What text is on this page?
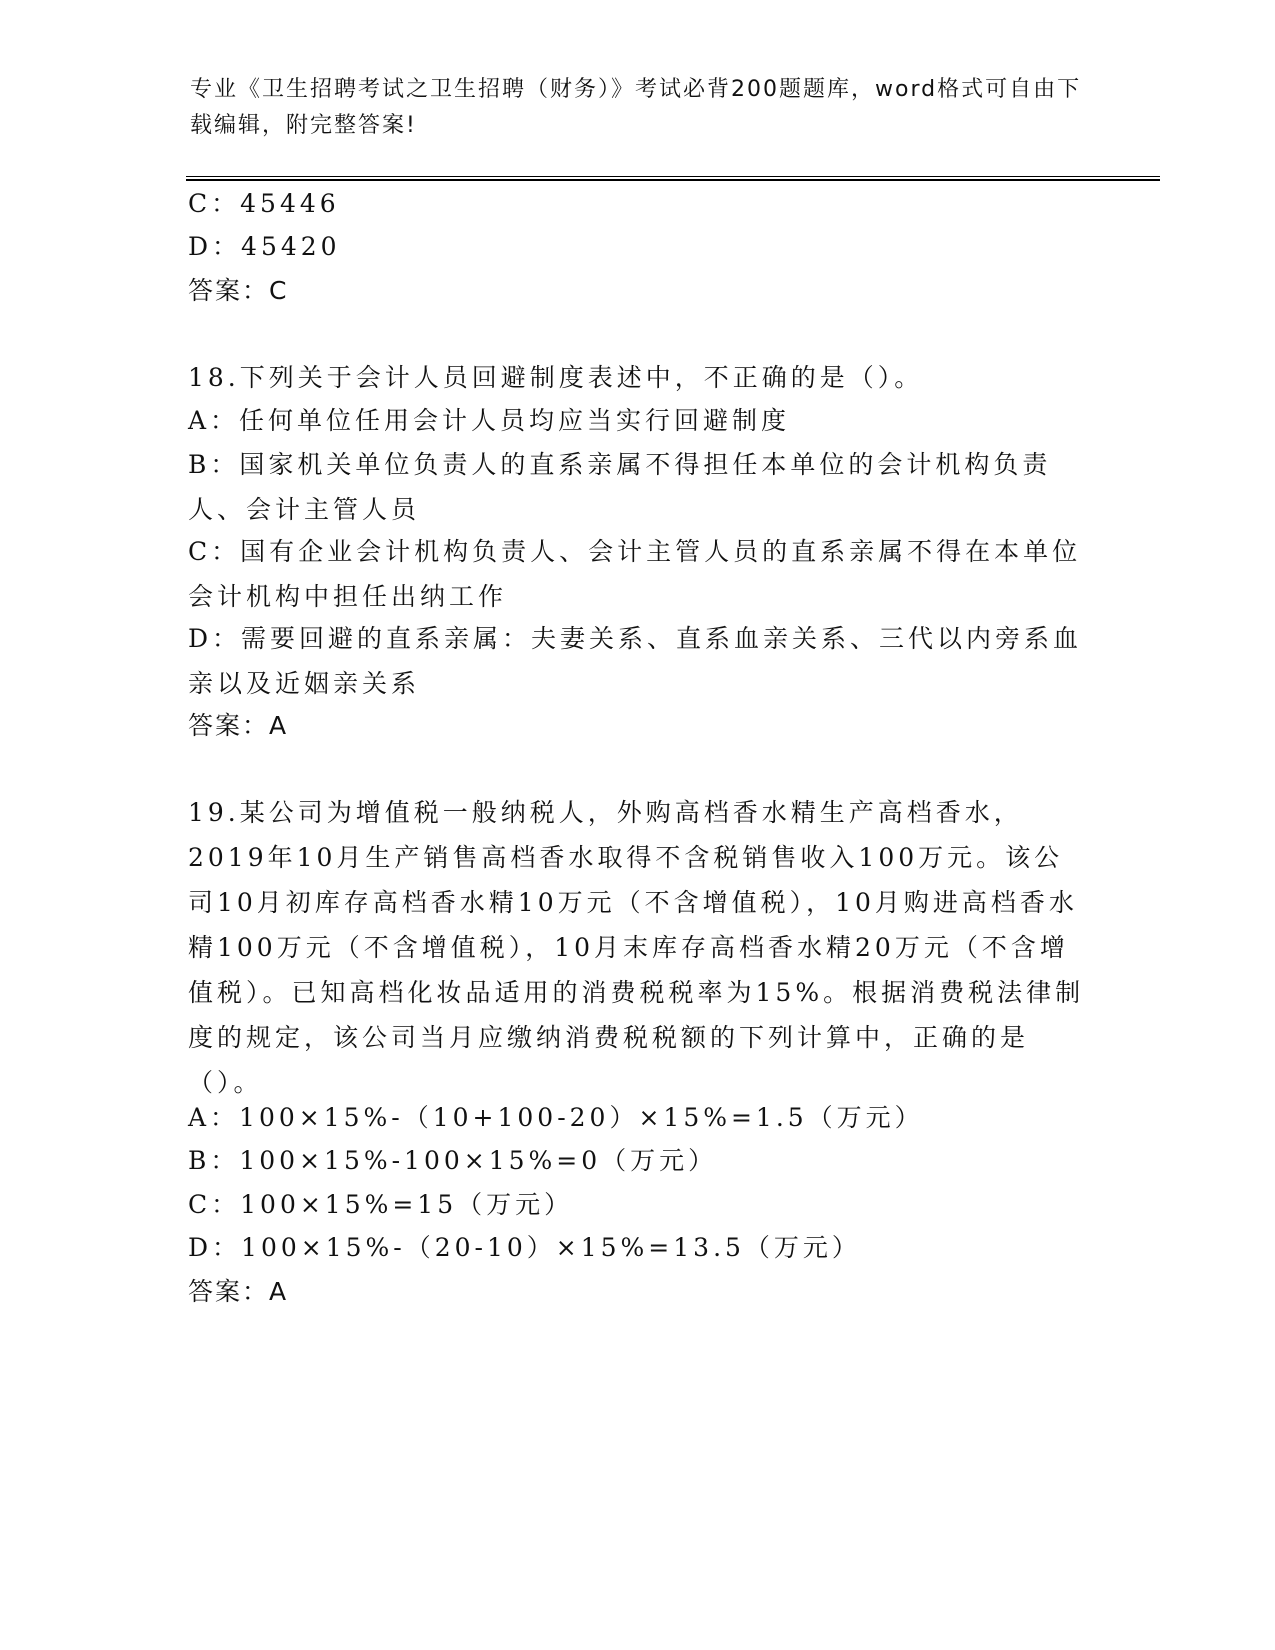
专业《卫生招聘考试之卫生招聘（财务）》考试必背200题题库，word格式可自由下载编辑，附完整答案!

C：45446

D：45420

答案：C

18.下列关于会计人员回避制度表述中，不正确的是（）。

A：任何单位任用会计人员均应当实行回避制度

B：国家机关单位负责人的直系亲属不得担任本单位的会计机构负责人、会计主管人员

C：国有企业会计机构负责人、会计主管人员的直系亲属不得在本单位会计机构中担任出纳工作

D：需要回避的直系亲属：夫妻关系、直系血亲关系、三代以内旁系血亲以及近姻亲关系

答案：A

19.某公司为增值税一般纳税人，外购高档香水精生产高档香水，2019年10月生产销售高档香水取得不含税销售收入100万元。该公司10月初库存高档香水精10万元（不含增值税），10月购进高档香水精100万元（不含增值税），10月末库存高档香水精20万元（不含增值税）。已知高档化妆品适用的消费税税率为15%。根据消费税法律制度的规定，该公司当月应缴纳消费税税额的下列计算中，正确的是（）。

A：100×15%-（10+100-20）×15%=1.5（万元）

B：100×15%-100×15%=0（万元）

C：100×15%=15（万元）

D：100×15%-（20-10）×15%=13.5（万元）

答案：A
